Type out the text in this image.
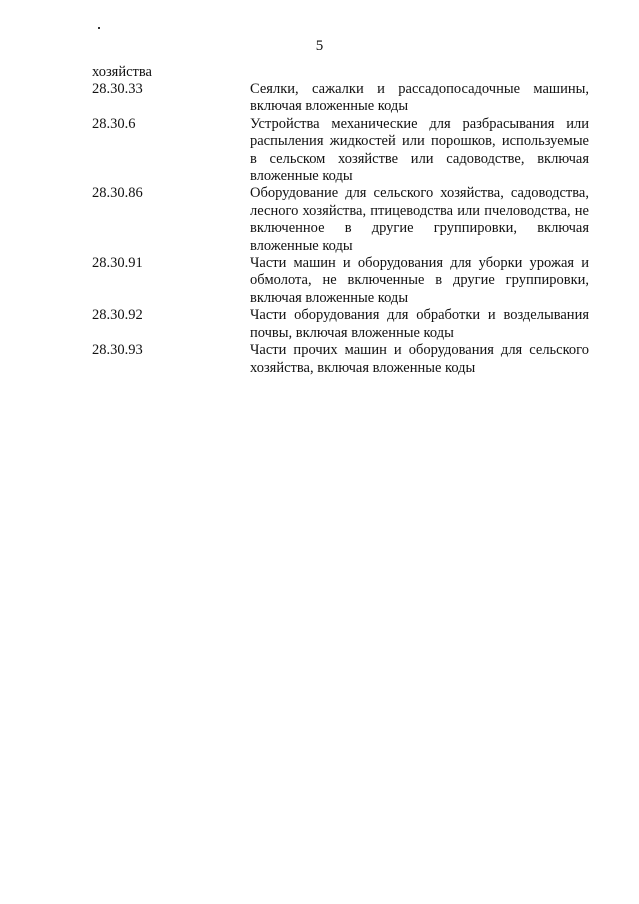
5
хозяйства
28.30.33	Сеялки, сажалки и рассадопосадочные машины, включая вложенные коды
28.30.6	Устройства механические для разбрасывания или распыления жидкостей или порошков, используемые в сельском хозяйстве или садоводстве, включая вложенные коды
28.30.86	Оборудование для сельского хозяйства, садоводства, лесного хозяйства, птицеводства или пчеловодства, не включенное в другие группировки, включая вложенные коды
28.30.91	Части машин и оборудования для уборки урожая и обмолота, не включенные в другие группировки, включая вложенные коды
28.30.92	Части оборудования для обработки и возделывания почвы, включая вложенные коды
28.30.93	Части прочих машин и оборудования для сельского хозяйства, включая вложенные коды
